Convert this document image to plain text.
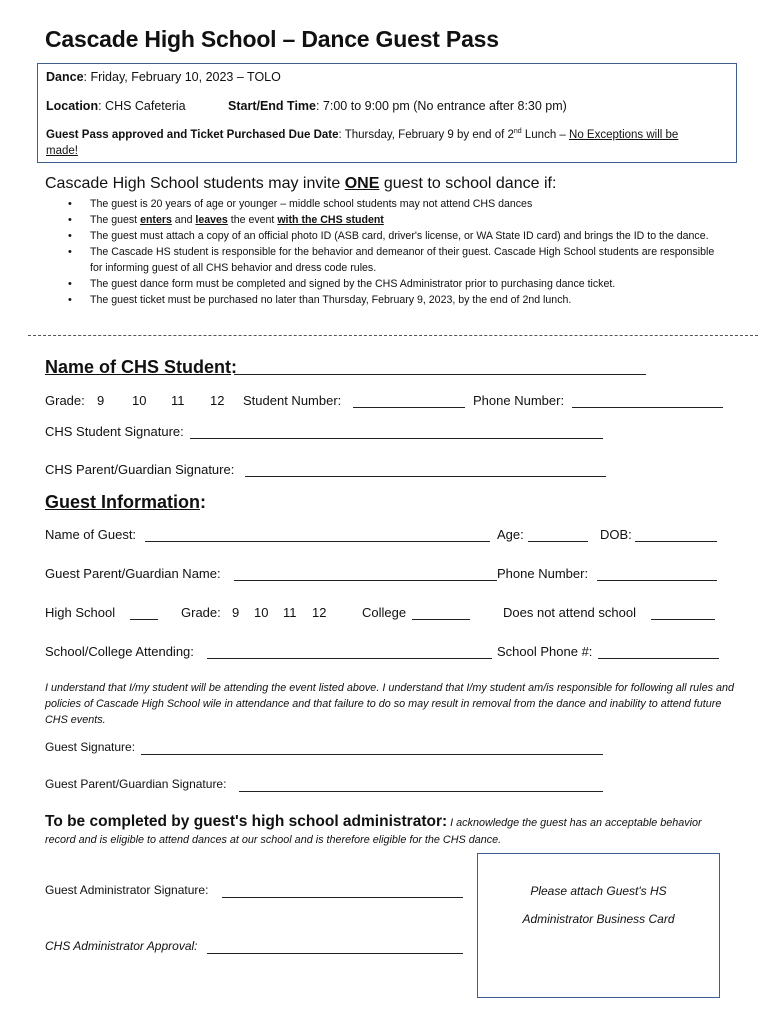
Cascade High School – Dance Guest Pass
Dance: Friday, February 10, 2023 – TOLO
Location: CHS Cafeteria	Start/End Time: 7:00 to 9:00 pm (No entrance after 8:30 pm)
Guest Pass approved and Ticket Purchased Due Date: Thursday, February 9 by end of 2nd Lunch – No Exceptions will be
made!
Cascade High School students may invite ONE guest to school dance if:
• The guest is 20 years of age or younger – middle school students may not attend CHS dances
• The guest enters and leaves the event with the CHS student
• The guest must attach a copy of an official photo ID (ASB card, driver's license, or WA State ID card) and brings the ID to the dance.
• The Cascade HS student is responsible for the behavior and demeanor of their guest. Cascade High School students are responsible for informing guest of all CHS behavior and dress code rules.
• The guest dance form must be completed and signed by the CHS Administrator prior to purchasing dance ticket.
• The guest ticket must be purchased no later than Thursday, February 9, 2023, by the end of 2nd lunch.
Name of CHS Student:
Grade: 9 10 11 12 Student Number:	Phone Number:
CHS Student Signature:
CHS Parent/Guardian Signature:
Guest Information:
Name of Guest:	Age:	DOB:
Guest Parent/Guardian Name:	Phone Number:
High School	Grade: 9 10 11 12	College	Does not attend school
School/College Attending:	School Phone #:
I understand that I/my student will be attending the event listed above. I understand that I/my student am/is responsible for following all rules and policies of Cascade High School wile in attendance and that failure to do so may result in removal from the dance and inability to attend future CHS events.
Guest Signature:
Guest Parent/Guardian Signature:
To be completed by guest's high school administrator: I acknowledge the guest has an acceptable behavior
record and is eligible to attend dances at our school and is therefore eligible for the CHS dance.
Guest Administrator Signature:
CHS Administrator Approval:
Please attach Guest's HS
Administrator Business Card
